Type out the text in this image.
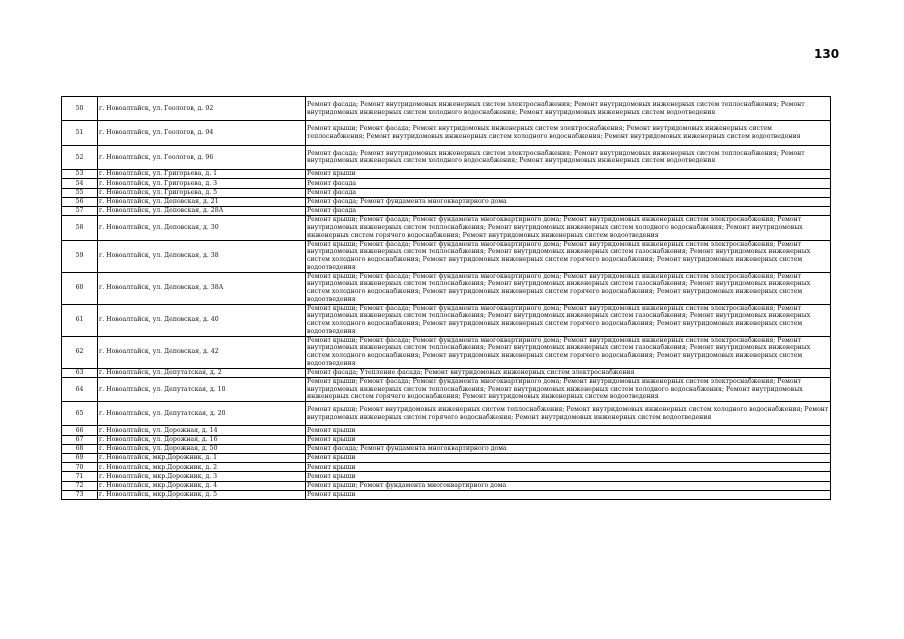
130
50	г. Новоалтайск, ул. Геологов, д. 92	Ремонт фасада; Ремонт внутридомовых инженерных систем электроснабжения; Ремонт внутридомовых инженерных систем теплоснабжения; Ремонт внутридомовых инженерных систем холодного водоснабжения; Ремонт внутридомовых инженерных систем водоотведения
51	г. Новоалтайск, ул. Геологов, д. 94	Ремонт крыши; Ремонт фасада; Ремонт внутридомовых инженерных систем электроснабжения; Ремонт внутридомовых инженерных систем теплоснабжения; Ремонт внутридомовых инженерных систем холодного водоснабжения; Ремонт внутридомовых инженерных систем водоотведения
52	г. Новоалтайск, ул. Геологов, д. 96	Ремонт фасада; Ремонт внутридомовых инженерных систем электроснабжения; Ремонт внутридомовых инженерных систем теплоснабжения; Ремонт внутридомовых инженерных систем холодного водоснабжения; Ремонт внутридомовых инженерных систем водоотведения
53	г. Новоалтайск, ул. Григорьева, д. 1	Ремонт крыши
54	г. Новоалтайск, ул. Григорьева, д. 3	Ремонт фасада
55	г. Новоалтайск, ул. Григорьева, д. 5	Ремонт фасада
56	г. Новоалтайск, ул. Деповская, д. 21	Ремонт фасада; Ремонт фундамента многоквартирного дома
57	г. Новоалтайск, ул. Деповская, д. 28А	Ремонт фасада
58	г. Новоалтайск, ул. Деповская, д. 30	Ремонт крыши; Ремонт фасада; Ремонт фундамента многоквартирного дома; Ремонт внутридомовых инженерных систем электроснабжения; Ремонт внутридомовых инженерных систем теплоснабжения; Ремонт внутридомовых инженерных систем холодного водоснабжения; Ремонт внутридомовых инженерных систем горячего водоснабжения; Ремонт внутридомовых инженерных систем водоотведения
59	г. Новоалтайск, ул. Деповская, д. 38	Ремонт крыши; Ремонт фасада; Ремонт фундамента многоквартирного дома; Ремонт внутридомовых инженерных систем электроснабжения; Ремонт внутридомовых инженерных систем теплоснабжения; Ремонт внутридомовых инженерных систем газоснабжения; Ремонт внутридомовых инженерных систем холодного водоснабжения; Ремонт внутридомовых инженерных систем горячего водоснабжения; Ремонт внутридомовых инженерных систем водоотведения
60	г. Новоалтайск, ул. Деповская, д. 38А	Ремонт крыши; Ремонт фасада; Ремонт фундамента многоквартирного дома; Ремонт внутридомовых инженерных систем электроснабжения; Ремонт внутридомовых инженерных систем теплоснабжения; Ремонт внутридомовых инженерных систем газоснабжения; Ремонт внутридомовых инженерных систем холодного водоснабжения; Ремонт внутридомовых инженерных систем горячего водоснабжения; Ремонт внутридомовых инженерных систем водоотведения
61	г. Новоалтайск, ул. Деповская, д. 40	Ремонт крыши; Ремонт фасада; Ремонт фундамента многоквартирного дома; Ремонт внутридомовых инженерных систем электроснабжения; Ремонт внутридомовых инженерных систем теплоснабжения; Ремонт внутридомовых инженерных систем газоснабжения; Ремонт внутридомовых инженерных систем холодного водоснабжения; Ремонт внутридомовых инженерных систем горячего водоснабжения; Ремонт внутридомовых инженерных систем водоотведения
62	г. Новоалтайск, ул. Деповская, д. 42	Ремонт крыши; Ремонт фасада; Ремонт фундамента многоквартирного дома; Ремонт внутридомовых инженерных систем электроснабжения; Ремонт внутридомовых инженерных систем теплоснабжения; Ремонт внутридомовых инженерных систем газоснабжения; Ремонт внутридомовых инженерных систем холодного водоснабжения; Ремонт внутридомовых инженерных систем горячего водоснабжения; Ремонт внутридомовых инженерных систем водоотведения
63	г. Новоалтайск, ул. Депутатская, д. 2	Ремонт фасада; Утепление фасада; Ремонт внутридомовых инженерных систем электроснабжения
64	г. Новоалтайск, ул. Депутатская, д. 10	Ремонт крыши; Ремонт фасада; Ремонт фундамента многоквартирного дома; Ремонт внутридомовых инженерных систем электроснабжения; Ремонт внутридомовых инженерных систем теплоснабжения; Ремонт внутридомовых инженерных систем холодного водоснабжения; Ремонт внутридомовых инженерных систем горячего водоснабжения; Ремонт внутридомовых инженерных систем водоотведения
65	г. Новоалтайск, ул. Депутатская, д. 20	Ремонт крыши; Ремонт внутридомовых инженерных систем теплоснабжения; Ремонт внутридомовых инженерных систем холодного водоснабжения; Ремонт внутридомовых инженерных систем горячего водоснабжения; Ремонт внутридомовых инженерных систем водоотведения
66	г. Новоалтайск, ул. Дорожная, д. 14	Ремонт крыши
67	г. Новоалтайск, ул. Дорожная, д. 16	Ремонт крыши
68	г. Новоалтайск, ул. Дорожная, д. 50	Ремонт фасада; Ремонт фундамента многоквартирного дома
69	г. Новоалтайск, мкр.Дорожник, д. 1	Ремонт крыши
70	г. Новоалтайск, мкр.Дорожник, д. 2	Ремонт крыши
71	г. Новоалтайск, мкр.Дорожник, д. 3	Ремонт крыши
72	г. Новоалтайск, мкр.Дорожник, д. 4	Ремонт крыши; Ремонт фундамента многоквартирного дома
73	г. Новоалтайск, мкр.Дорожник, д. 5	Ремонт крыши
